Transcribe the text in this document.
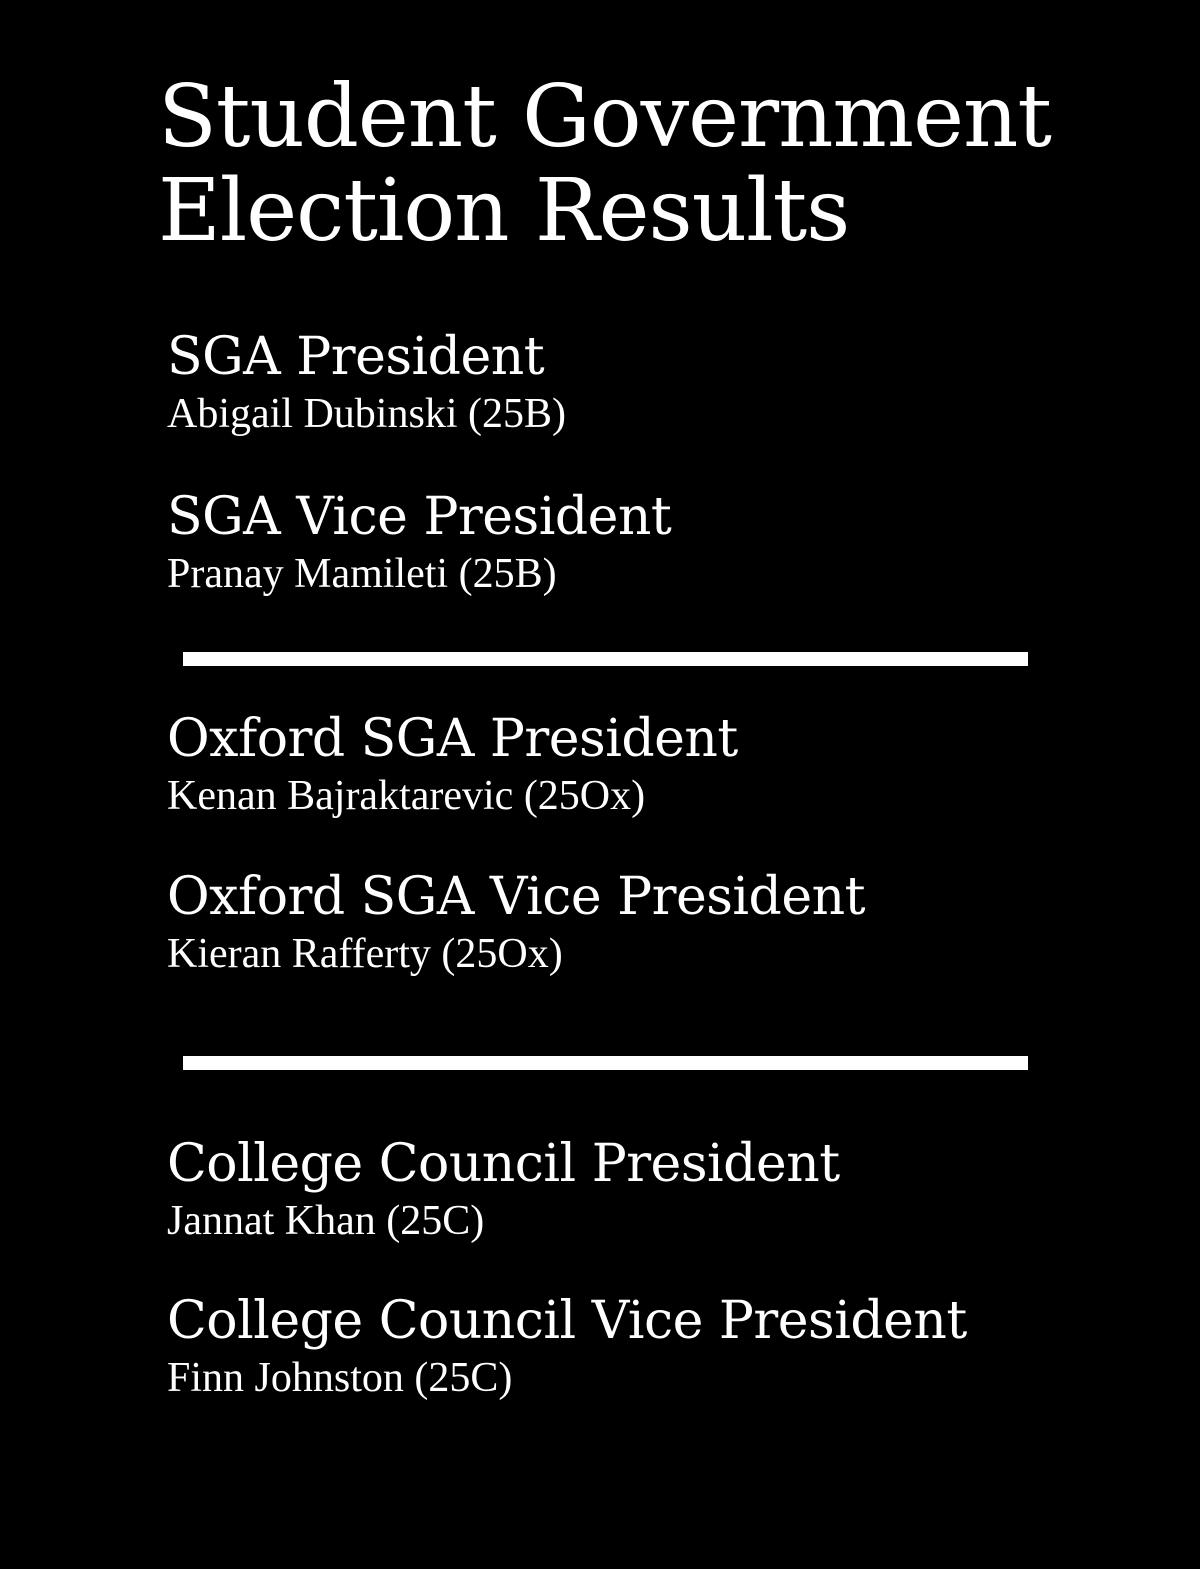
Student Government
Election Results
SGA President
Abigail Dubinski (25B)
SGA Vice President
Pranay Mamileti (25B)
Oxford SGA President
Kenan Bajraktarevic (25Ox)
Oxford SGA Vice President
Kieran Rafferty (25Ox)
College Council President
Jannat Khan (25C)
College Council Vice President
Finn Johnston (25C)
